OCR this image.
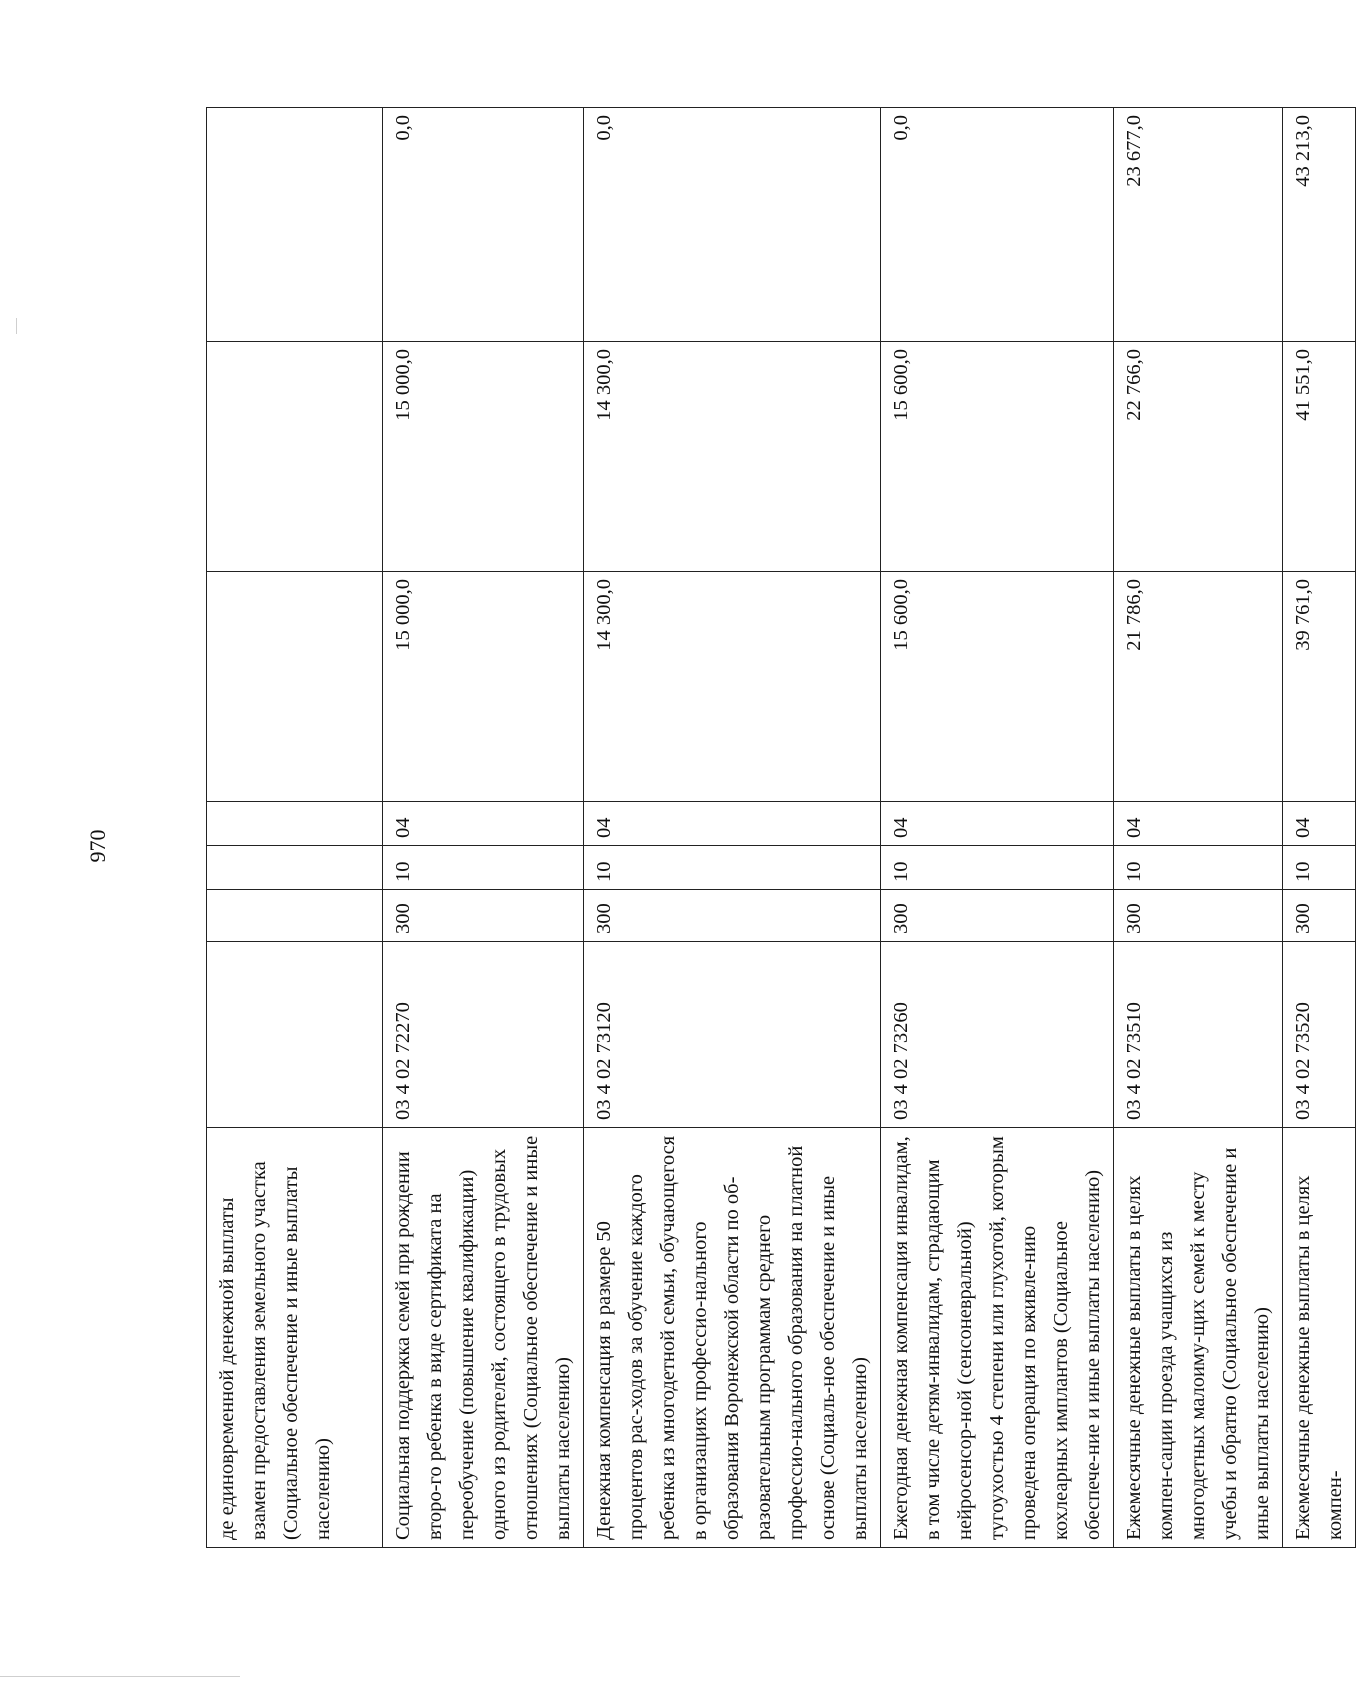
970
де единовременной денежной выплаты взамен предоставления земельного участка (Социальное обеспечение и иные выплаты населению)							
Социальная поддержка семей при рождении второ-го ребенка в виде сертификата на переобучение (повышение квалификации) одного из родителей, состоящего в трудовых отношениях (Социальное обеспечение и иные выплаты населению)	03 4 02 72270	300	10	04	15 000,0	15 000,0	0,0
Денежная компенсация в размере 50 процентов рас-ходов за обучение каждого ребенка из многодетной семьи, обучающегося в организациях профессио-нального образования Воронежской области по об-разовательным программам среднего профессио-нального образования на платной основе (Социаль-ное обеспечение и иные выплаты населению)	03 4 02 73120	300	10	04	14 300,0	14 300,0	0,0
Ежегодная денежная компенсация инвалидам, в том числе детям-инвалидам, страдающим нейросенсор-ной (сенсоневральной) тугоухостью 4 степени или глухотой, которым проведена операция по вживле-нию кохлеарных имплантов (Социальное обеспече-ние и иные выплаты населению)	03 4 02 73260	300	10	04	15 600,0	15 600,0	0,0
Ежемесячные денежные выплаты в целях компен-сации проезда учащихся из многодетных малоиму-щих семей к месту учебы и обратно (Социальное обеспечение и иные выплаты населению)	03 4 02 73510	300	10	04	21 786,0	22 766,0	23 677,0
Ежемесячные денежные выплаты в целях компен-	03 4 02 73520	300	10	04	39 761,0	41 551,0	43 213,0
